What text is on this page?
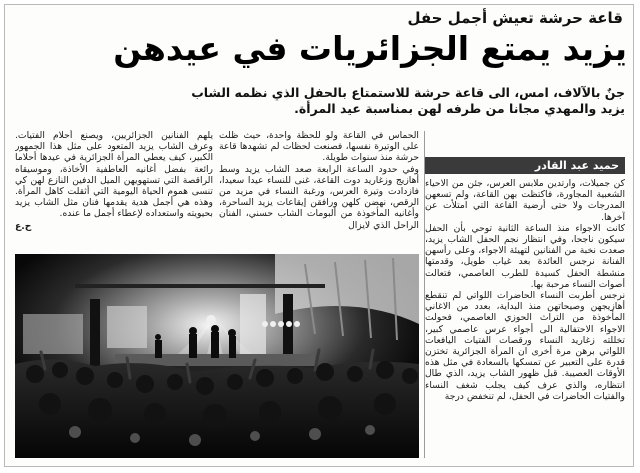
قاعة حرشة تعيش أجمل حفل
يزيد يمتع الجزائريات في عيدهن
جنٌ بالآلاف، امس، الى قاعة حرشة للاستمتاع بالحفل الذي نظمه الشاب يزيد والمهدي مجانا من طرفه لهن بمناسبة عيد المرأة.
حميد عبد القادر

كن جميلات، وارتدين ملابس العرس، جئن من الاحياء الشعبية المجاورة، فاكتظت بهن القاعة، ولم تسعهن المدرجات ولا حتى أرضية القاعة التي امتلأت عن آخرها.

كانت الاجواء منذ الساعة الثانية توحي بأن الحفل سيكون ناجحا، وفي انتظار نجم الحفل الشاب يزيد، صعدت نخبة من الفنانين لتهيئة الاجواء، وعلى رأسهن الفنانة نرجس العائدة بعد غياب طويل، وقدمتها منشطة الحفل كسيدة للطرب العاصمي، فتعالت أصوات النساء مرحبة بها.

نرجس أطربت النساء الحاضرات اللواتي لم تنقطع أهازيجهن وصيحاتهن منذ البداية، بعدد من الاغاني المأخوذة من التراث الحوزي العاصمي، فحولت الاجواء الاحتفالية الى أجواء عرس عاصمي كبير، تخللته زغاريد النساء ورقصات الفتيات اليافعات اللواتي برهن مرة أخرى ان المرأة الجزائرية تختزن قدرة على التعبير عن تمسكها بالسعادة في مثل هذه الأوقات العصيبة. قبل ظهور الشاب يزيد، الذي طال انتظاره، والذي عرف كيف يجلب شغف النساء والفتيات الحاضرات في الحفل، لم تنخفض درجة

الحماس في القاعة ولو للحظة واحدة، حيث ظلت على الوتيرة نفسها، فصنعت لحظات لم تشهدها قاعة حرشة منذ سنوات طويلة.

وفي حدود الساعة الرابعة صعد الشاب يزيد وسط أهازيج وزغاريد دوت القاعة، غنى للنساء عيدا سعيدا، فازدادت وتيرة العرس، ورغبة النساء في مزيد من الرقص، نهضن كلهن ورافقن إيقاعات يزيد الساحرة، وأغانيه المأخوذة من ألبومات الشاب حسني، الفنان الراحل الذي لايزال

يلهم الفنانين الجزائريين، ويصنع أحلام الفتيات. وعرف الشاب يزيد المتعود على مثل هذا الجمهور الكبير، كيف يعطي المرأة الجزائرية في عيدها أحلاما رائعة بفضل أغانيه العاطفية الأخاذة، وموسيقاه الراقصة التي تستهويهن الميل الدفين النازع لهن كي تنسى هموم الحياة اليومية التي أثقلت كاهل المرأة. وهذه هي أجمل هدية يقدمها فنان مثل الشاب يزيد بحيويته واستعداده لإعطاء أجمل ما عنده.

ح.ع
